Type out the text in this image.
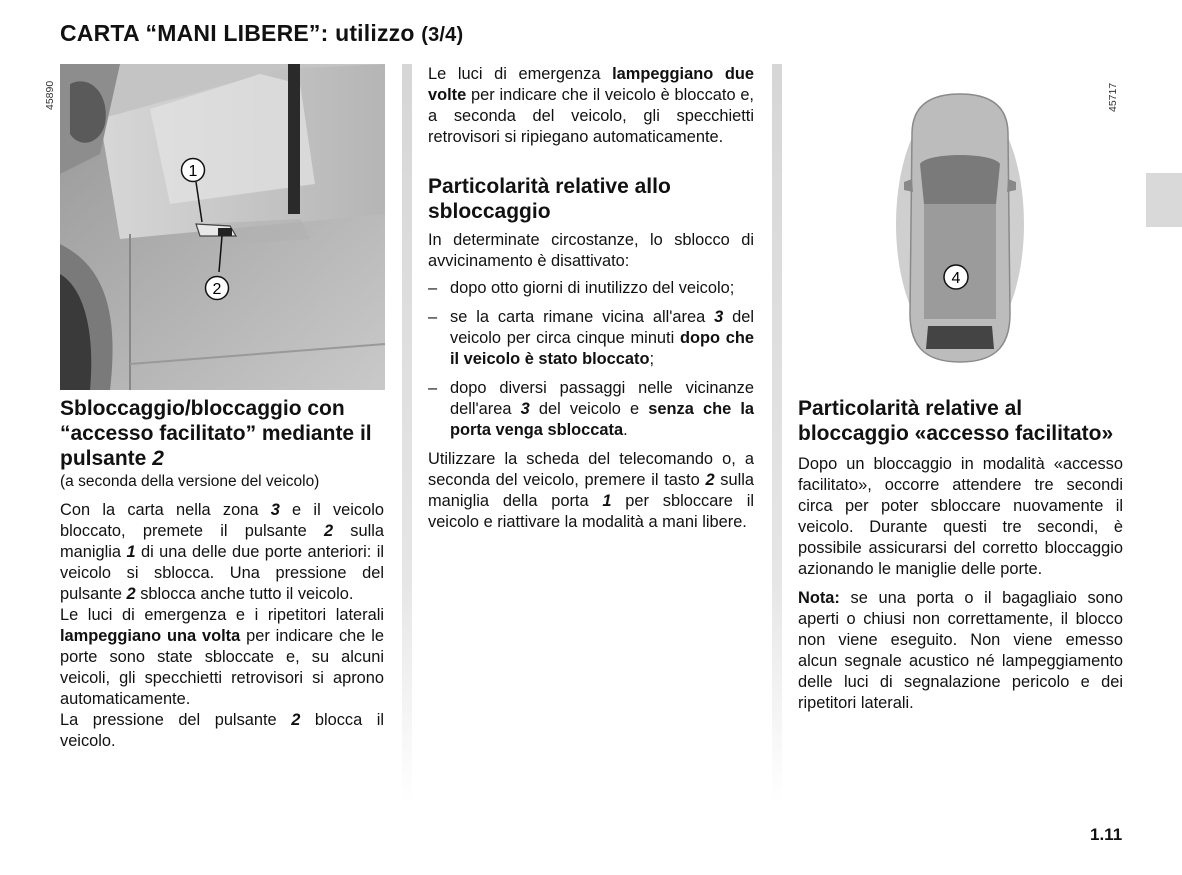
CARTA “MANI LIBERE”: utilizzo (3/4)
1
2
45890
4
45717
Sbloccaggio/bloccaggio con “accesso facilitato” mediante il pulsante 2

(a seconda della versione del veicolo)

Con la carta nella zona 3 e il veicolo bloccato, premete il pulsante 2 sulla maniglia 1 di una delle due porte anteriori: il veicolo si sblocca. Una pressione del pulsante 2 sblocca anche tutto il veicolo.

Le luci di emergenza e i ripetitori laterali lampeggiano una volta per indicare che le porte sono state sbloccate e, su alcuni veicoli, gli specchietti retrovisori si aprono automaticamente.

La pressione del pulsante 2 blocca il veicolo.

Le luci di emergenza lampeggiano due volte per indicare che il veicolo è bloccato e, a seconda del veicolo, gli specchietti retrovisori si ripiegano automaticamente.

Particolarità relative allo sbloccaggio

In determinate circostanze, lo sblocco di avvicinamento è disattivato:

– dopo otto giorni di inutilizzo del veicolo;
– se la carta rimane vicina all'area 3 del veicolo per circa cinque minuti dopo che il veicolo è stato bloccato;
– dopo diversi passaggi nelle vicinanze dell'area 3 del veicolo e senza che la porta venga sbloccata.

Utilizzare la scheda del telecomando o, a seconda del veicolo, premere il tasto 2 sulla maniglia della porta 1 per sbloccare il veicolo e riattivare la modalità a mani libere.

Particolarità relative al bloccaggio «accesso facilitato»

Dopo un bloccaggio in modalità «accesso facilitato», occorre attendere tre secondi circa per poter sbloccare nuovamente il veicolo. Durante questi tre secondi, è possibile assicurarsi del corretto bloccaggio azionando le maniglie delle porte.

Nota: se una porta o il bagagliaio sono aperti o chiusi non correttamente, il blocco non viene eseguito. Non viene emesso alcun segnale acustico né lampeggiamento delle luci di segnalazione pericolo e dei ripetitori laterali.

1.11
